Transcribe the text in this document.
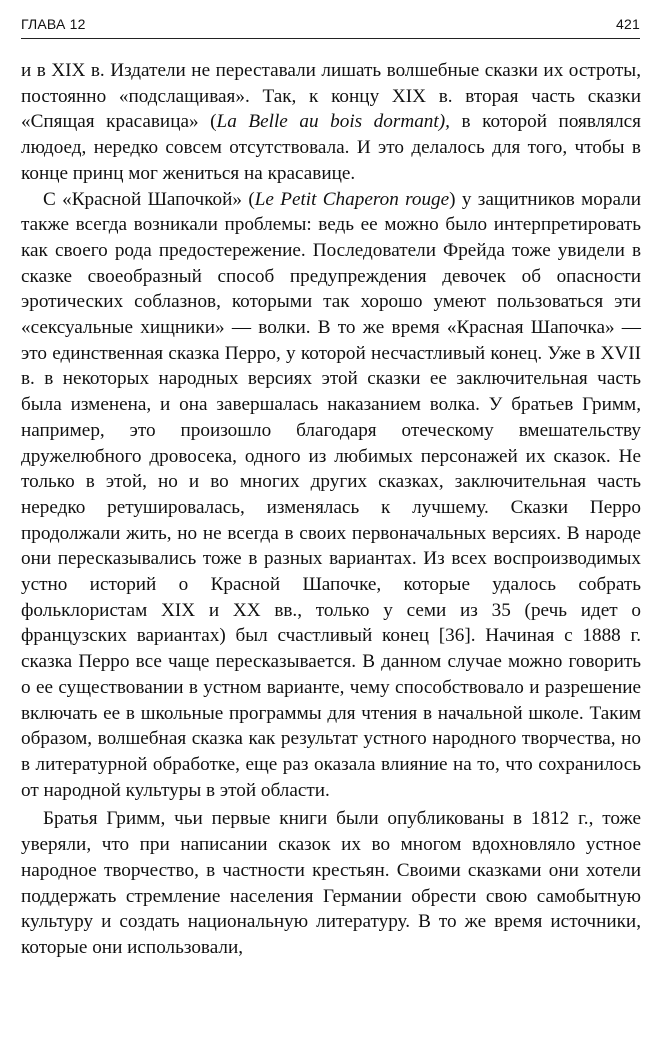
ГЛАВА 12	421

и в XIX в. Издатели не переставали лишать волшебные сказки их остроты, постоянно «подслащивая». Так, к концу XIX в. вторая часть сказки «Спящая красавица» (La Belle au bois dormant), в которой появлялся людоед, нередко совсем отсутствовала. И это делалось для того, чтобы в конце принц мог жениться на красавице.

С «Красной Шапочкой» (Le Petit Chaperon rouge) у защитников морали также всегда возникали проблемы: ведь ее можно было интерпретировать как своего рода предостережение. Последователи Фрейда тоже увидели в сказке своеобразный способ предупреждения девочек об опасности эротических соблазнов, которыми так хорошо умеют пользоваться эти «сексуальные хищники» — волки. В то же время «Красная Шапочка» — это единственная сказка Перро, у которой несчастливый конец. Уже в XVII в. в некоторых народных версиях этой сказки ее заключительная часть была изменена, и она завершалась наказанием волка. У братьев Гримм, например, это произошло благодаря отеческому вмешательству дружелюбного дровосека, одного из любимых персонажей их сказок. Не только в этой, но и во многих других сказках, заключительная часть нередко ретушировалась, изменялась к лучшему. Сказки Перро продолжали жить, но не всегда в своих первоначальных версиях. В народе они пересказывались тоже в разных вариантах. Из всех воспроизводимых устно историй о Красной Шапочке, которые удалось собрать фольклористам XIX и XX вв., только у семи из 35 (речь идет о французских вариантах) был счастливый конец [36]. Начиная с 1888 г. сказка Перро все чаще пересказывается. В данном случае можно говорить о ее существовании в устном варианте, чему способствовало и разрешение включать ее в школьные программы для чтения в начальной школе. Таким образом, волшебная сказка как результат устного народного творчества, но в литературной обработке, еще раз оказала влияние на то, что сохранилось от народной культуры в этой области.

Братья Гримм, чьи первые книги были опубликованы в 1812 г., тоже уверяли, что при написании сказок их во многом вдохновляло устное народное творчество, в частности крестьян. Своими сказками они хотели поддержать стремление населения Германии обрести свою самобытную культуру и создать национальную литературу. В то же время источники, которые они использовали,
